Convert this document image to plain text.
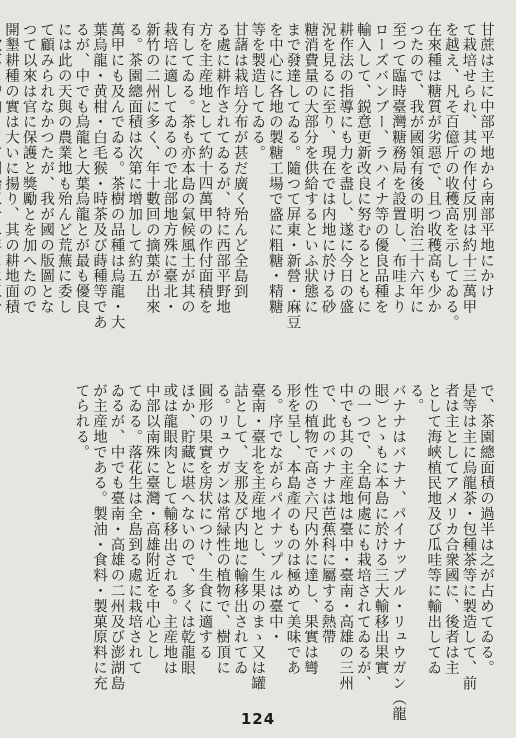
甘蔗は主に中部平地から南部平地にかけ
て栽培せられ、其の作付反別は約十三萬甲
を越え、凡そ百億斤の收穫高を示してゐる。
在來種は糖質が劣惡で、且つ收穫高も少か
つたので、我が國領有後の明治三十六年に
至つて臨時臺灣糖務局を設置し、布哇より
ローズバンブー、ラハイナ等の優良品種を
輸入して、鋭意更新改良に努むるとともに
耕作法の指導にも力を盡し、遂に今日の盛
況を見るに至り、現在では内地に於ける砂
糖消費量の大部分を供給するといふ狀態に
まで發達してゐる。隨つて屏東・新營・麻豆
を中心に各地の製糖工場で盛に粗糖・精糖
等を製造してゐる。
甘藷は栽培分布が甚だ廣く殆んど全島到
る處に耕作されてゐるが、特に西部平野地
方を主産地として約十四萬甲の作付面積を
有してゐる。茶も亦本島の氣候風土が其の
栽培に適してゐるので北部地方殊に臺北・
新竹の二州に多く、年十數回の摘葉が出來
る。茶園總面積は次第に增加して約五
萬甲にも及んでゐる。茶樹の品種は烏龍・大
葉烏龍・黄柑・白毛猴・時茶及び蒔種等であ
るが、中でも烏龍と大葉烏龍とが最も優良
には此の天與の農業地も殆んど荒蕪に委し
て顧みられなかつたが、我が國の版圖とな
つて以來は官に保護と獎勵とを加へたので
開墾耕種の實は大いに揚り、其の耕地面積
で、茶園總面積の過半は之が占めてゐる。
是等は主に烏龍茶・包種茶等に製造して、前
者は主としてアメリカ合衆國に、後者は主
として海峽植民地及び瓜哇等に輸出してゐ
る。
バナナはバナナ、パイナップル・リュウガン（龍
眼）とゝもに本島に於ける三大輸移出果實
の一つで、全島何處にも栽培されてゐるが、
中でも其の主産地は臺中・臺南・高雄の三州
で、此のバナナは芭蕉科に屬する熱帶
性の植物で高さ六尺内外に達し、果實は彎
形を呈し、本島產のものは極めて美味であ
る。序でながらパイナップルは臺中・
臺南・臺北を主産地とし、生果のまゝ又は罐
詰として、支那及び内地に輸移出されてゐ
る。リュウガンは常緑性の植物で、樹頂に
圓形の果實を房状につけ、生食に適する
ほか、貯藏に堪へないので、多くは乾龍眼
或は龍眼肉として輸移出される。主産地は
中部以南殊に臺灣・高雄附近を中心とし
てゐる。落花生は全島到る處に栽培されて
ゐるが、中でも臺南・高雄の二州及び澎湖島
が主産地である。製油・食料・製菓原料に充
てられる。
124
